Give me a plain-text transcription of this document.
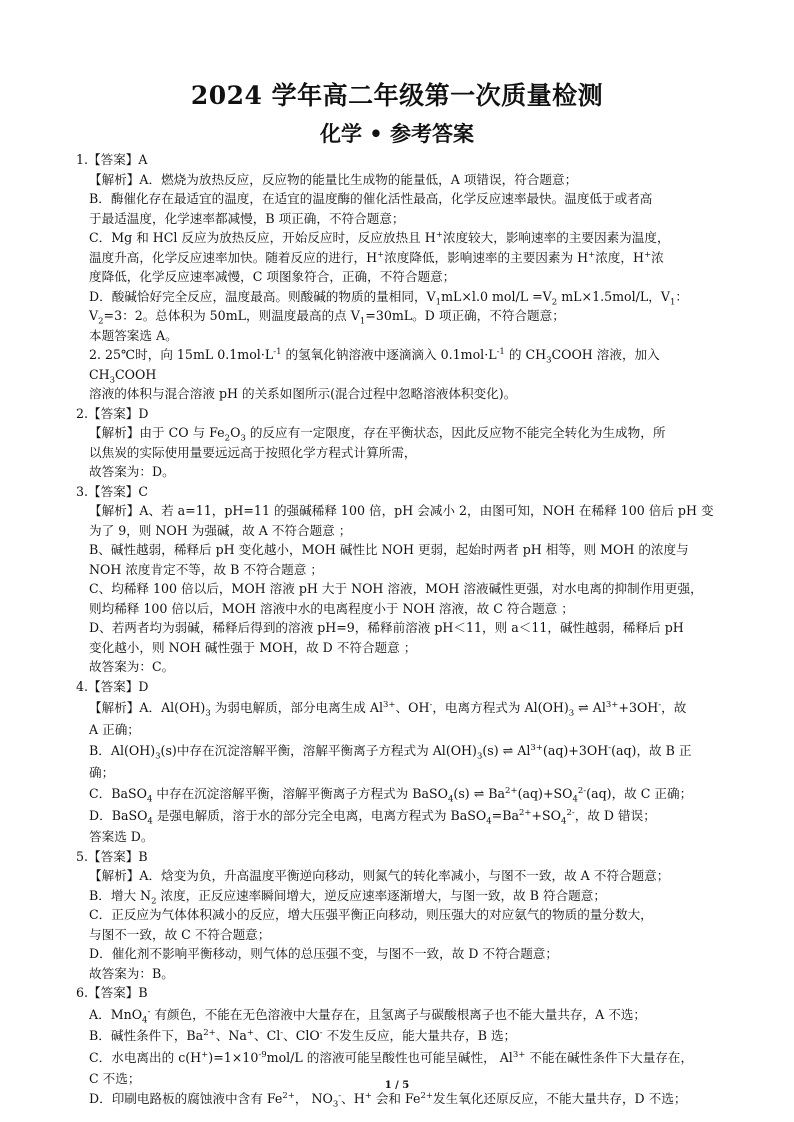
2024 学年高二年级第一次质量检测
化学 • 参考答案

1.【答案】A

【解析】A．燃烧为放热反应，反应物的能量比生成物的能量低，A 项错误，符合题意；

B．酶催化存在最适宜的温度，在适宜的温度酶的催化活性最高，化学反应速率最快。温度低于或者高

于最适温度，化学速率都减慢，B 项正确，不符合题意；

C．Mg 和 HCl 反应为放热反应，开始反应时，反应放热且 H+浓度较大，影响速率的主要因素为温度，

温度升高，化学反应速率加快。随着反应的进行，H+浓度降低，影响速率的主要因素为 H+浓度，H+浓

度降低，化学反应速率减慢，C 项图象符合，正确，不符合题意；

D．酸碱恰好完全反应，温度最高。则酸碱的物质的量相同，$V_1mL\times l.0$ $mol/L =V_2$ mL×1.5mol/L，$V_1$：

$V_2=3$：2。总体积为 50mL，则温度最高的点 $V_1=30mL$。D 项正确，不符合题意；

本题答案选 A。

2. 25℃时，向 15mL $0.1mol\cdot L^{-1}$ 的氢氧化钠溶液中逐滴滴入 $0.1mol\cdot L^{-1}$ 的 $CH_3COOH$ 溶液，加入 $CH_3COOH$

溶液的体积与混合溶液 pH 的关系如图所示(混合过程中忽略溶液体积变化)。

2.【答案】D

【解析】由于 CO 与 $Fe_2O_3$ 的反应有一定限度，存在平衡状态，因此反应物不能完全转化为生成物，所

以焦炭的实际使用量要远远高于按照化学方程式计算所需，

故答案为：D。

3.【答案】C

【解析】A、若 a=11，pH=11 的强碱稀释 100 倍，pH 会减小 2，由图可知，NOH 在稀释 100 倍后 pH 变

为了 9，则 NOH 为强碱，故 A 不符合题意 ；

B、碱性越弱，稀释后 pH 变化越小，MOH 碱性比 NOH 更弱，起始时两者 pH 相等，则 MOH 的浓度与

NOH 浓度肯定不等，故 B 不符合题意 ；

C、均稀释 100 倍以后，MOH 溶液 pH 大于 NOH 溶液，MOH 溶液碱性更强，对水电离的抑制作用更强，

则均稀释 100 倍以后，MOH 溶液中水的电离程度小于 NOH 溶液，故 C 符合题意 ；

D、若两者均为弱碱，稀释后得到的溶液 pH=9，稀释前溶液 pH＜11，则 a＜11，碱性越弱，稀释后 pH

变化越小，则 NOH 碱性强于 MOH，故 D 不符合题意 ；

故答案为：C。

4.【答案】D

【解析】A．$Al(OH)_3$ 为弱电解质，部分电离生成 $Al^{3+}$、OH-，电离方程式为 $Al(OH)_3$ ⇌ $Al^{3+}+3OH^-$，故

A 正确；

B．$Al(OH)_3(s)$中存在沉淀溶解平衡，溶解平衡离子方程式为 $Al(OH)_3(s)$ ⇌ $Al^{3+}(aq)+3OH^-(aq)$，故 B 正

确；

C．BaSO$_4$ 中存在沉淀溶解平衡，溶解平衡离子方程式为 BaSO$_4$(s) ⇌ $Ba^{2+}(aq)+SO_4^{2-}(aq)$，故 C 正确；

D．BaSO$_4$ 是强电解质，溶于水的部分完全电离，电离方程式为 $BaSO_4=Ba^{2+}+SO_4^{2-}$，故 D 错误；

答案选 D。

5.【答案】B

【解析】A．焓变为负，升高温度平衡逆向移动，则氮气的转化率减小，与图不一致，故 A 不符合题意；

B．增大 $N_2$ 浓度，正反应速率瞬间增大，逆反应速率逐渐增大，与图一致，故 B 符合题意；

C．正反应为气体体积减小的反应，增大压强平衡正向移动，则压强大的对应氨气的物质的量分数大，

与图不一致，故 C 不符合题意；

D．催化剂不影响平衡移动，则气体的总压强不变，与图不一致，故 D 不符合题意；

故答案为：B。

6.【答案】B

A．MnO$_4$- 有颜色，不能在无色溶液中大量存在，且氢离子与碳酸根离子也不能大量共存，A 不选；

B．碱性条件下，$Ba^{2+}$、Na+、Cl-、ClO- 不发生反应，能大量共存，B 选；

C．水电离出的 $c(H^+)=1\times 10^{-9}mol/L$ 的溶液可能呈酸性也可能呈碱性， $Al^{3+}$ 不能在碱性条件下大量存在，

C 不选；

D．印刷电路板的腐蚀液中含有 $Fe^{2+}$， $NO_3^-$、H+ 会和 $Fe^{2+}$发生氧化还原反应，不能大量共存，D 不选；

1 / 5
